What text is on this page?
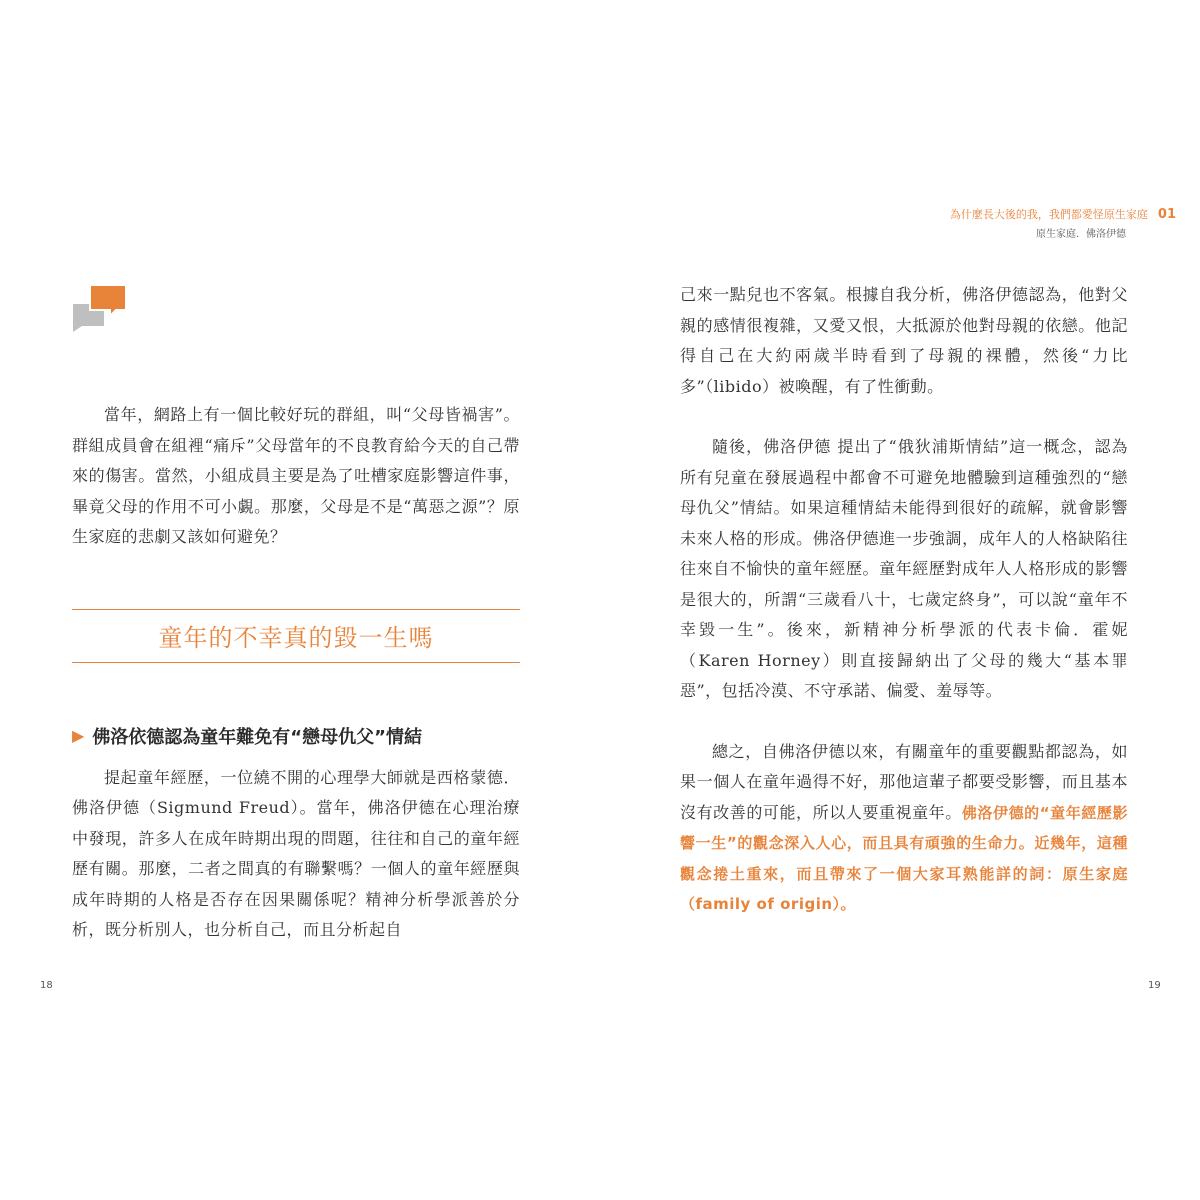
為什麼長大後的我，我們都愛怪原生家庭 01
原生家庭．佛洛伊德

當年，網路上有一個比較好玩的群組，叫“父母皆禍害”。群組成員會在組裡“痛斥”父母當年的不良教育給今天的自己帶來的傷害。當然，小組成員主要是為了吐槽家庭影響這件事，畢竟父母的作用不可小覷。那麼，父母是不是“萬惡之源”？原生家庭的悲劇又該如何避免？

童年的不幸真的毀一生嗎
▶ 佛洛依德認為童年難免有“戀母仇父”情結

提起童年經歷，一位繞不開的心理學大師就是西格蒙德．佛洛伊德（Sigmund Freud）。當年，佛洛伊德在心理治療中發現，許多人在成年時期出現的問題，往往和自己的童年經歷有關。那麼，二者之間真的有聯繫嗎？一個人的童年經歷與成年時期的人格是否存在因果關係呢？精神分析學派善於分析，既分析別人，也分析自己，而且分析起自

18

己來一點兒也不客氣。根據自我分析，佛洛伊德認為，他對父親的感情很複雜，又愛又恨，大抵源於他對母親的依戀。他記得自己在大約兩歲半時看到了母親的裸體，然後“力比多”（libido）被喚醒，有了性衝動。

隨後，佛洛伊德 提出了“俄狄浦斯情結”這一概念，認為所有兒童在發展過程中都會不可避免地體驗到這種強烈的“戀母仇父”情結。如果這種情結未能得到很好的疏解，就會影響未來人格的形成。佛洛伊德進一步強調，成年人的人格缺陷往往來自不愉快的童年經歷。童年經歷對成年人人格形成的影響是很大的，所謂“三歲看八十，七歲定終身”，可以說“童年不幸毀一生”。後來，新精神分析學派的代表卡倫．霍妮（Karen Horney）則直接歸納出了父母的幾大“基本罪惡”，包括冷漠、不守承諾、偏愛、羞辱等。

總之，自佛洛伊德以來，有關童年的重要觀點都認為，如果一個人在童年過得不好，那他這輩子都要受影響，而且基本沒有改善的可能，所以人要重視童年。佛洛伊德的“童年經歷影響一生”的觀念深入人心，而且具有頑強的生命力。近幾年，這種觀念捲土重來，而且帶來了一個大家耳熟能詳的詞：原生家庭（family of origin）。

19
